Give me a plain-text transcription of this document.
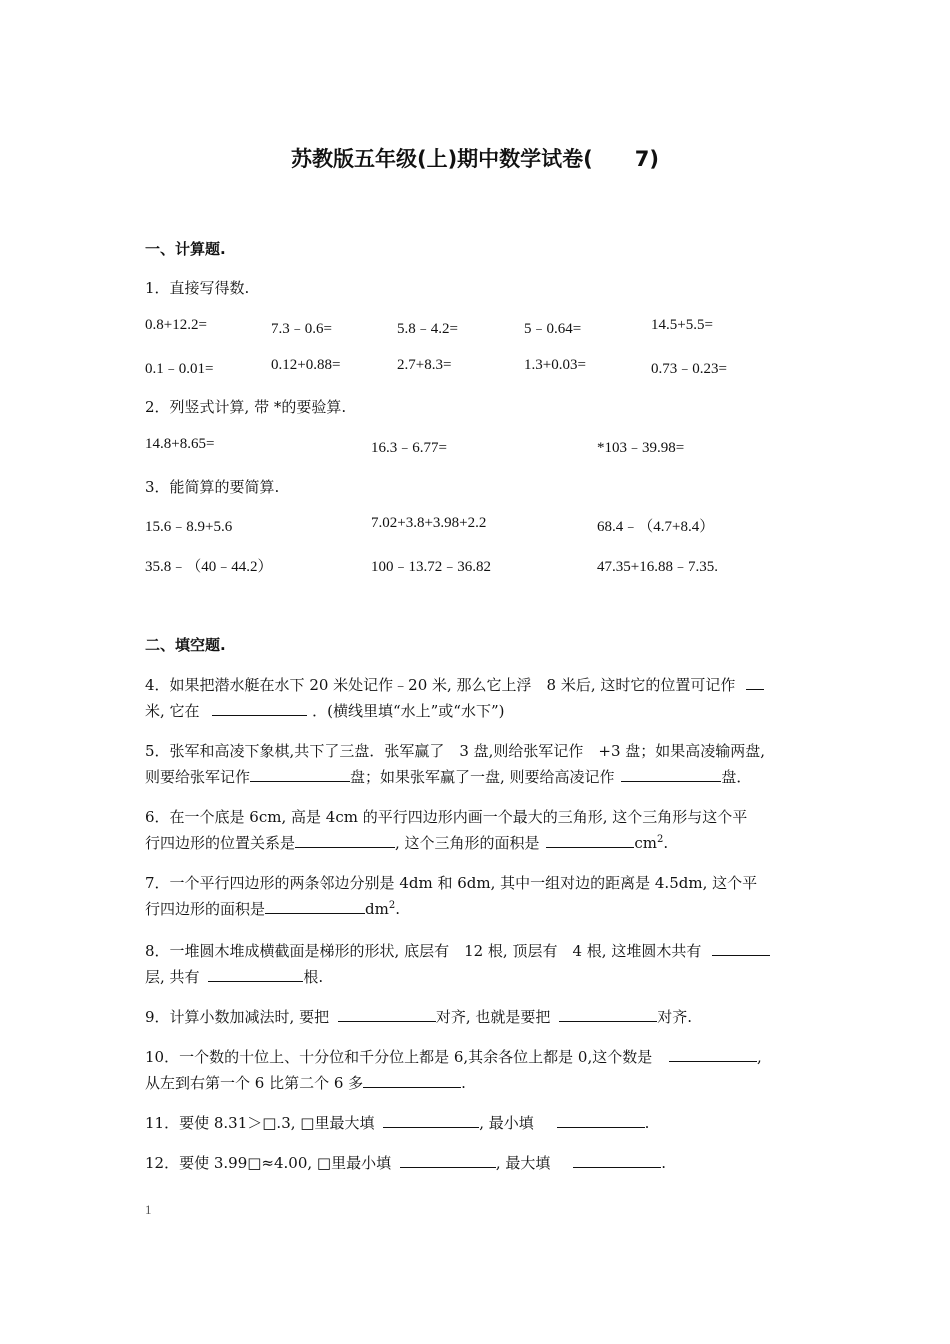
苏教版五年级(上)期中数学试卷(　　7)
一、计算题.
1．直接写得数.
0.8+12.2=	7.3﹣0.6=	5.8﹣4.2=	5﹣0.64=	14.5+5.5=
0.1﹣0.01=	0.12+0.88=	2.7+8.3=	1.3+0.03=	0.73﹣0.23=
2．列竖式计算, 带 *的要验算.
14.8+8.65=	16.3﹣6.77=	*103﹣39.98=
3．能简算的要简算.
15.6﹣8.9+5.6	7.02+3.8+3.98+2.2	68.4﹣（4.7+8.4）
35.8﹣（40﹣44.2）	100﹣13.72﹣36.82	47.35+16.88﹣7.35.
二、填空题.
4．如果把潜水艇在水下 20 米处记作﹣20 米, 那么它上浮　8 米后, 这时它的位置可记作
米, 它在	．(横线里填“水上”或“水下”)
5．张军和高凌下象棋,共下了三盘．张军赢了　3 盘,则给张军记作　+3 盘；如果高凌输两盘,
则要给张军记作	盘；如果张军赢了一盘, 则要给高凌记作	盘．
6．在一个底是 6cm, 高是 4cm 的平行四边形内画一个最大的三角形, 这个三角形与这个平
行四边形的位置关系是	, 这个三角形的面积是	$cm^2$.
7．一个平行四边形的两条邻边分别是 4dm 和 6dm, 其中一组对边的距离是 4.5dm, 这个平
行四边形的面积是	$dm^2$.
8．一堆圆木堆成横截面是梯形的形状, 底层有　12 根, 顶层有　4 根, 这堆圆木共有
层, 共有	根.
9．计算小数加减法时, 要把	对齐, 也就是要把	对齐.
10．一个数的十位上、十分位和千分位上都是 6,其余各位上都是 0,这个数是	,
从左到右第一个 6 比第二个 6 多	.
11．要使 8.31＞□.3, □里最大填	, 最小填	.
12．要使 3.99□≈4.00, □里最小填	, 最大填	.
1
